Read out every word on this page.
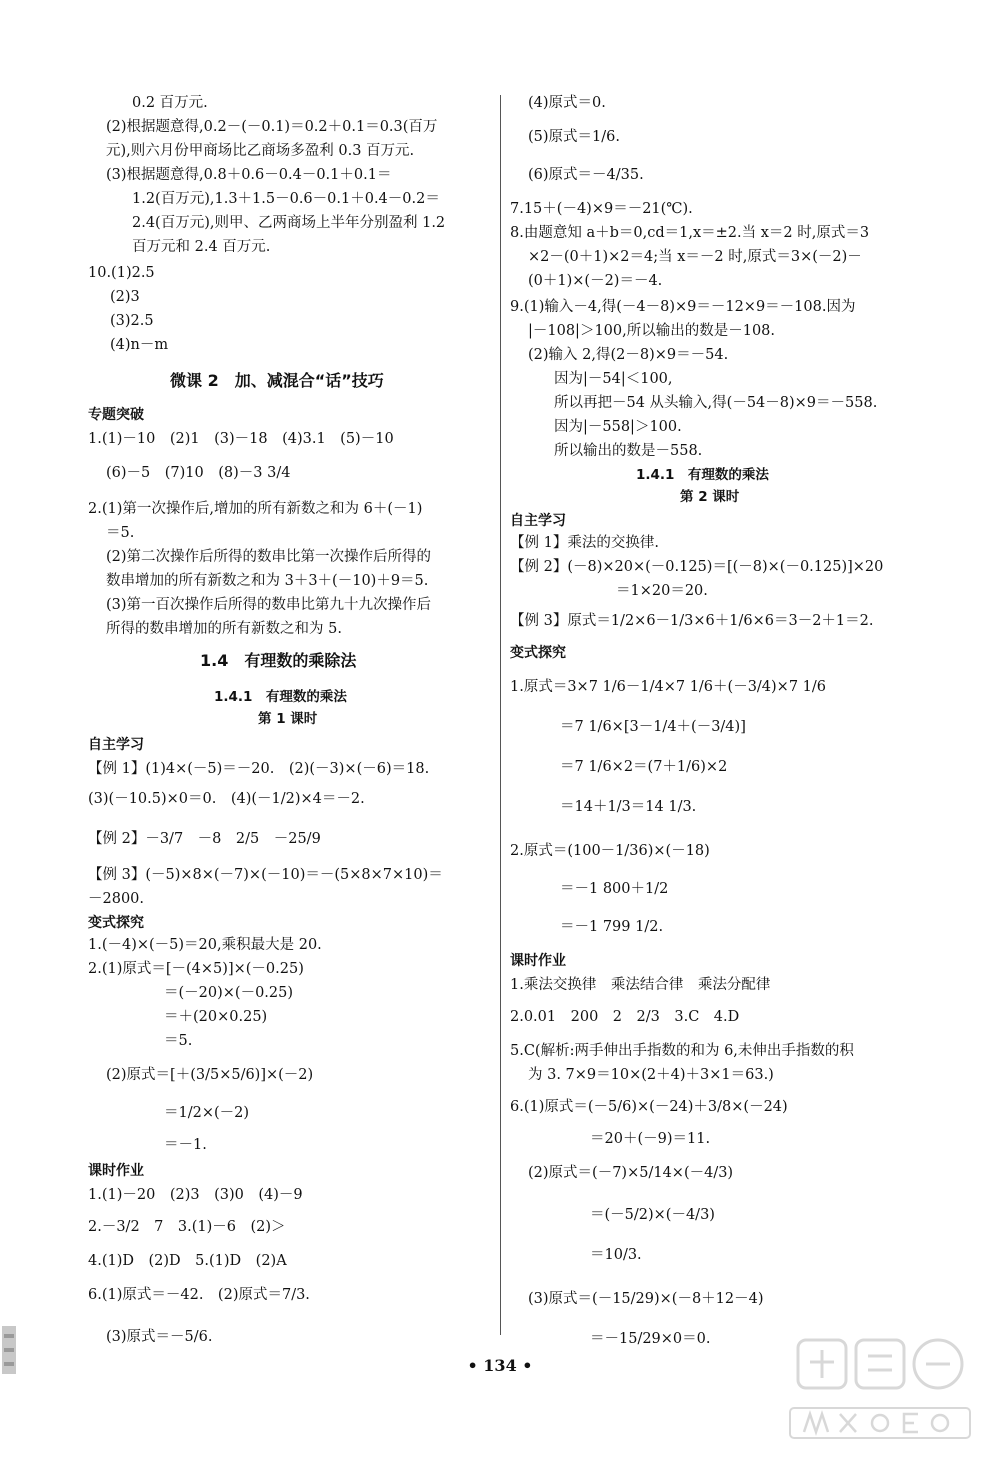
0.2 百万元.
(2)根据题意得,0.2－(－0.1)＝0.2＋0.1＝0.3(百万
元),则六月份甲商场比乙商场多盈利 0.3 百万元.
(3)根据题意得,0.8＋0.6－0.4－0.1＋0.1＝
1.2(百万元),1.3＋1.5－0.6－0.1＋0.4－0.2＝
2.4(百万元),则甲、乙两商场上半年分别盈利 1.2
百万元和 2.4 百万元.
10.(1)2.5
(2)3
(3)2.5
(4)n－m
微课 2　加、减混合“话”技巧
专题突破
1.(1)－10　(2)1　(3)－18　(4)3.1　(5)－10
(6)－5　(7)10　(8)－3 3/4
2.(1)第一次操作后,增加的所有新数之和为 6＋(－1)
＝5.
(2)第二次操作后所得的数串比第一次操作后所得的
数串增加的所有新数之和为 3＋3＋(－10)＋9＝5.
(3)第一百次操作后所得的数串比第九十九次操作后
所得的数串增加的所有新数之和为 5.
1.4　有理数的乘除法
1.4.1　有理数的乘法
第 1 课时
自主学习
【例 1】(1)4×(－5)＝－20.　(2)(－3)×(－6)＝18.
(3)(－10.5)×0＝0.　(4)(－1/2)×4＝－2.
【例 2】－3/7　－8　2/5　－25/9
【例 3】(－5)×8×(－7)×(－10)＝－(5×8×7×10)＝
－2800.
变式探究
1.(－4)×(－5)＝20,乘积最大是 20.
2.(1)原式＝[－(4×5)]×(－0.25)
＝(－20)×(－0.25)
＝＋(20×0.25)
＝5.
(2)原式＝[＋(3/5×5/6)]×(－2)
＝1/2×(－2)
＝－1.
课时作业
1.(1)－20　(2)3　(3)0　(4)－9
2.－3/2　7　3.(1)－6　(2)＞
4.(1)D　(2)D　5.(1)D　(2)A
6.(1)原式＝－42.　(2)原式＝7/3.
(3)原式＝－5/6.
(4)原式＝0.
(5)原式＝1/6.
(6)原式＝－4/35.
7.15＋(－4)×9＝－21(℃).
8.由题意知 a＋b＝0,cd＝1,x＝±2.当 x＝2 时,原式＝3
×2－(0＋1)×2＝4;当 x＝－2 时,原式＝3×(－2)－
(0＋1)×(－2)＝－4.
9.(1)输入－4,得(－4－8)×9＝－12×9＝－108.因为
|－108|＞100,所以输出的数是－108.
(2)输入 2,得(2－8)×9＝－54.
因为|－54|＜100,
所以再把－54 从头输入,得(－54－8)×9＝－558.
因为|－558|＞100.
所以输出的数是－558.
1.4.1　有理数的乘法
第 2 课时
自主学习
【例 1】乘法的交换律.
【例 2】(－8)×20×(－0.125)＝[(－8)×(－0.125)]×20
＝1×20＝20.
【例 3】原式＝1/2×6－1/3×6＋1/6×6＝3－2＋1＝2.
变式探究
1.原式＝3×7 1/6－1/4×7 1/6＋(－3/4)×7 1/6
＝7 1/6×[3－1/4＋(－3/4)]
＝7 1/6×2＝(7＋1/6)×2
＝14＋1/3＝14 1/3.
2.原式＝(100－1/36)×(－18)
＝－1 800＋1/2
＝－1 799 1/2.
课时作业
1.乘法交换律　乘法结合律　乘法分配律
2.0.01　200　2　2/3　3.C　4.D
5.C(解析:两手伸出手指数的和为 6,未伸出手指数的积
为 3. 7×9＝10×(2＋4)＋3×1＝63.)
6.(1)原式＝(－5/6)×(－24)＋3/8×(－24)
＝20＋(－9)＝11.
(2)原式＝(－7)×5/14×(－4/3)
＝(－5/2)×(－4/3)
＝10/3.
(3)原式＝(－15/29)×(－8＋12－4)
＝－15/29×0＝0.
• 134 •
